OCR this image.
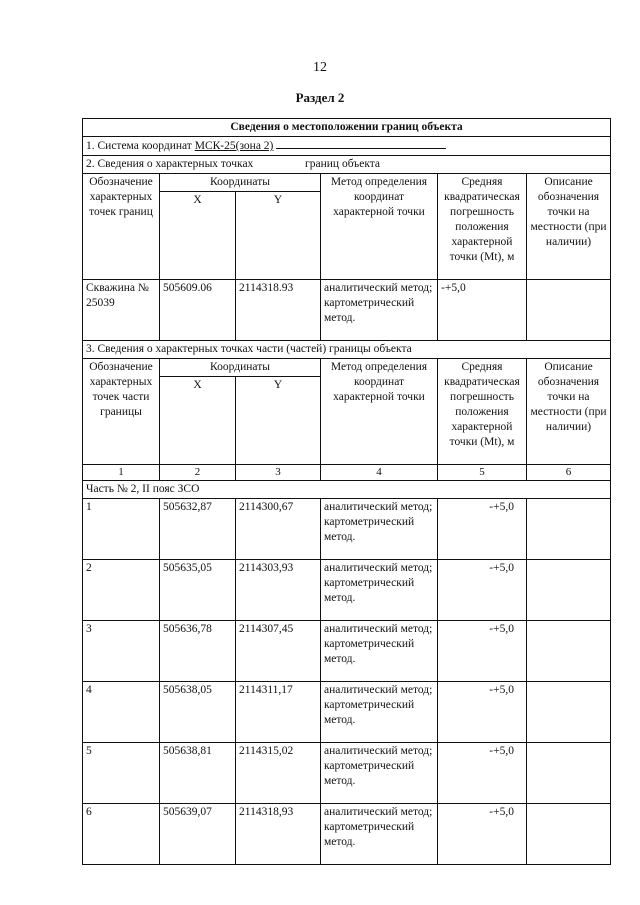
12
Раздел 2
Сведения о местоположении границ объекта					
1. Система координат МСК-25(зона 2)					
2. Сведения о характерных точках границ объекта					
Обозначение характерных точек границ	Координаты		Метод определения координат характерной точки	Средняя квадратическая погрешность положения характерной точки (Mt), м	Описание обозначения точки на местности (при наличии)
	X	Y			
Скважина № 25039	505609.06	2114318.93	аналитический метод; картометрический метод.	-+5,0	
3. Сведения о характерных точках части (частей) границы объекта					
Обозначение характерных точек части границы	Координаты		Метод определения координат характерной точки	Средняя квадратическая погрешность положения характерной точки (Mt), м	Описание обозначения точки на местности (при наличии)
	X	Y			
1	2	3	4	5	6
Часть № 2, II пояс ЗСО					
1	505632,87	2114300,67	аналитический метод; картометрический метод.	-+5,0	
2	505635,05	2114303,93	аналитический метод; картометрический метод.	-+5,0	
3	505636,78	2114307,45	аналитический метод; картометрический метод.	-+5,0	
4	505638,05	2114311,17	аналитический метод; картометрический метод.	-+5,0	
5	505638,81	2114315,02	аналитический метод; картометрический метод.	-+5,0	
6	505639,07	2114318,93	аналитический метод; картометрический метод.	-+5,0	
